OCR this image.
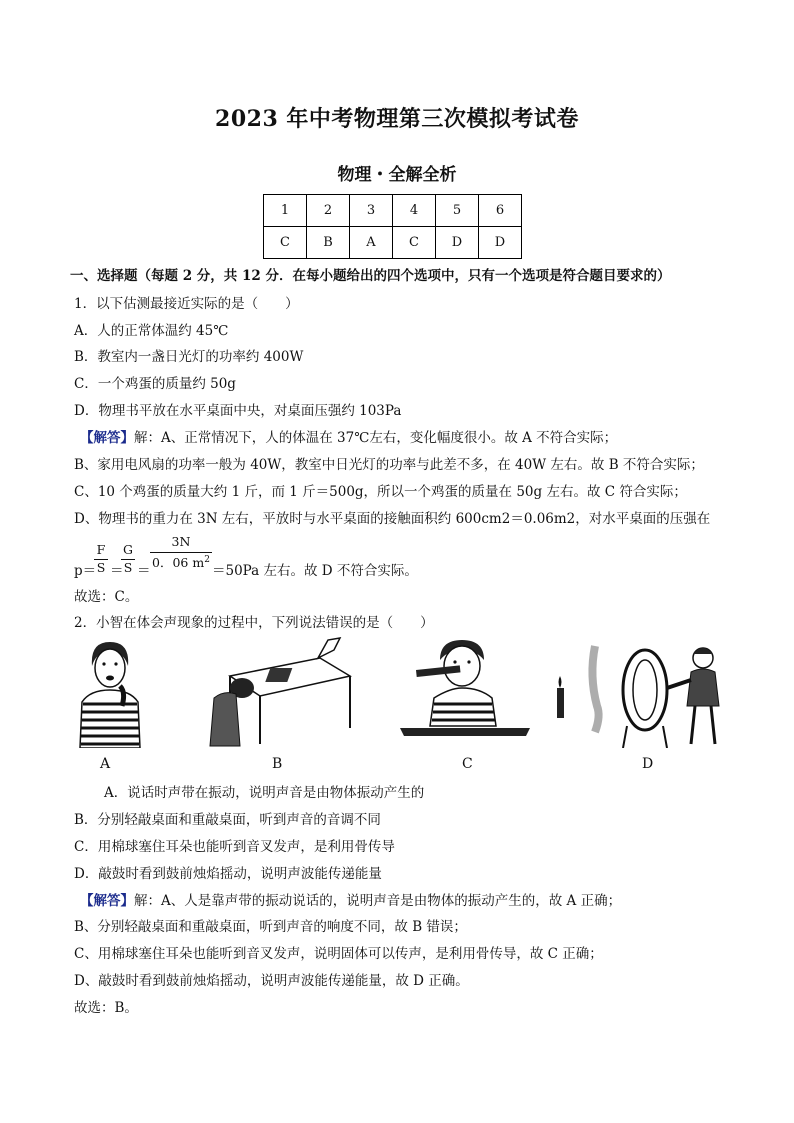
2023 年中考物理第三次模拟考试卷
物理・全解全析
1	2	3	4	5	6
C	B	A	C	D	D
一、选择题（每题 2 分，共 12 分．在每小题给出的四个选项中，只有一个选项是符合题目要求的）
1．以下估测最接近实际的是（　　）
A．人的正常体温约 45℃
B．教室内一盏日光灯的功率约 400W
C．一个鸡蛋的质量约 50g
D．物理书平放在水平桌面中央，对桌面压强约 103Pa
【解答】解：A、正常情况下，人的体温在 37℃左右，变化幅度很小。故 A 不符合实际；
B、家用电风扇的功率一般为 40W，教室中日光灯的功率与此差不多，在 40W 左右。故 B 不符合实际；
C、10 个鸡蛋的质量大约 1 斤，而 1 斤＝500g，所以一个鸡蛋的质量在 50g 左右。故 C 符合实际；
D、物理书的重力在 3N 左右，平放时与水平桌面的接触面积约 600cm2＝0.06m2，对水平桌面的压强在
p＝
$\frac{F}{S}$ ＝
$\frac{G}{S} = \frac{3N}{0.06 m^2} =50Pa$ 左右。故 D 不符合实际。
故选：C。
2．小智在体会声现象的过程中，下列说法错误的是（　　）
A	B	C	D
A．说话时声带在振动，说明声音是由物体振动产生的
B．分别轻敲桌面和重敲桌面，听到声音的音调不同
C．用棉球塞住耳朵也能听到音叉发声，是利用骨传导
D．敲鼓时看到鼓前烛焰摇动，说明声波能传递能量
【解答】解：A、人是靠声带的振动说话的，说明声音是由物体的振动产生的，故 A 正确；
B、分别轻敲桌面和重敲桌面，听到声音的响度不同，故 B 错误；
C、用棉球塞住耳朵也能听到音叉发声，说明固体可以传声，是利用骨传导，故 C 正确；
D、敲鼓时看到鼓前烛焰摇动，说明声波能传递能量，故 D 正确。
故选：B。
